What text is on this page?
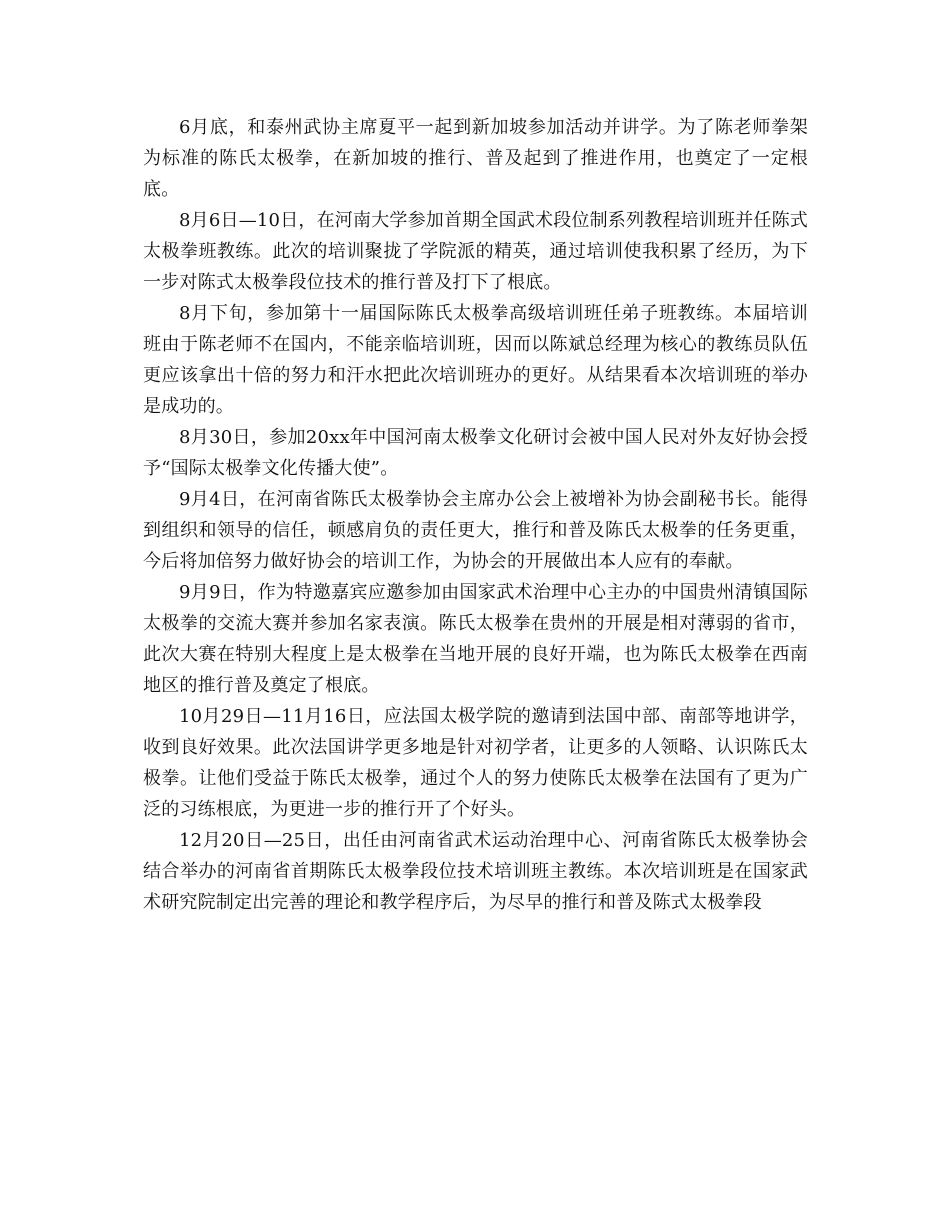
6月底，和泰州武协主席夏平一起到新加坡参加活动并讲学。为了陈老师拳架为标准的陈氏太极拳，在新加坡的推行、普及起到了推进作用，也奠定了一定根底。

8月6日—10日，在河南大学参加首期全国武术段位制系列教程培训班并任陈式太极拳班教练。此次的培训聚拢了学院派的精英，通过培训使我积累了经历，为下一步对陈式太极拳段位技术的推行普及打下了根底。

8月下旬，参加第十一届国际陈氏太极拳高级培训班任弟子班教练。本届培训班由于陈老师不在国内，不能亲临培训班，因而以陈斌总经理为核心的教练员队伍更应该拿出十倍的努力和汗水把此次培训班办的更好。从结果看本次培训班的举办是成功的。

8月30日，参加20xx年中国河南太极拳文化研讨会被中国人民对外友好协会授予“国际太极拳文化传播大使”。

9月4日，在河南省陈氏太极拳协会主席办公会上被增补为协会副秘书长。能得到组织和领导的信任，顿感肩负的责任更大，推行和普及陈氏太极拳的任务更重，今后将加倍努力做好协会的培训工作，为协会的开展做出本人应有的奉献。

9月9日，作为特邀嘉宾应邀参加由国家武术治理中心主办的中国贵州清镇国际太极拳的交流大赛并参加名家表演。陈氏太极拳在贵州的开展是相对薄弱的省市，此次大赛在特别大程度上是太极拳在当地开展的良好开端，也为陈氏太极拳在西南地区的推行普及奠定了根底。

10月29日—11月16日，应法国太极学院的邀请到法国中部、南部等地讲学，收到良好效果。此次法国讲学更多地是针对初学者，让更多的人领略、认识陈氏太极拳。让他们受益于陈氏太极拳，通过个人的努力使陈氏太极拳在法国有了更为广泛的习练根底，为更进一步的推行开了个好头。

12月20日—25日，出任由河南省武术运动治理中心、河南省陈氏太极拳协会结合举办的河南省首期陈氏太极拳段位技术培训班主教练。本次培训班是在国家武术研究院制定出完善的理论和教学程序后，为尽早的推行和普及陈式太极拳段
